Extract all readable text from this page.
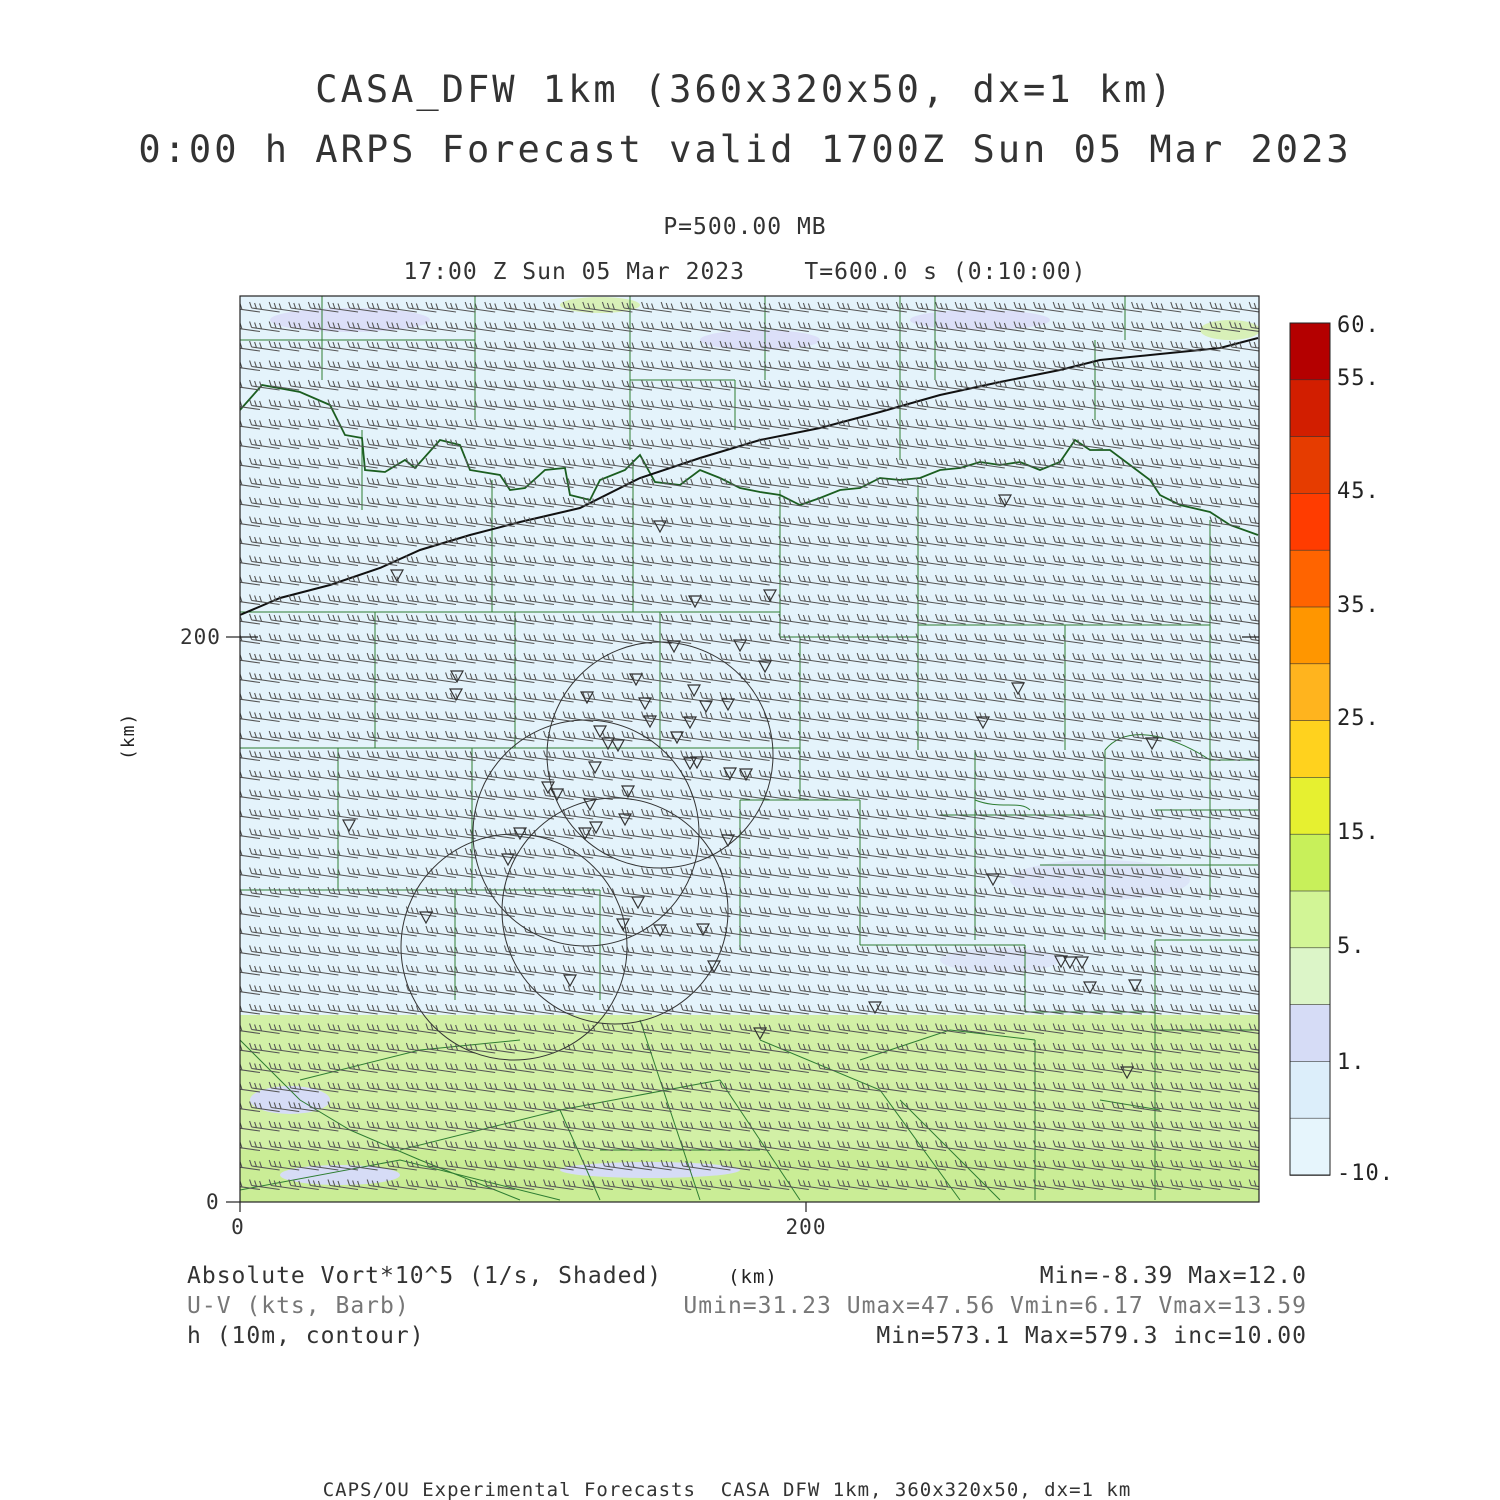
CASA_DFW 1km (360x320x50, dx=1 km)
0:00 h ARPS Forecast valid 1700Z Sun 05 Mar 2023
P=500.00 MB
17:00 Z Sun 05 Mar 2023    T=600.0 s (0:10:00)
0
200
0	200
(km)
(km)
60.
55.
45.
35.
25.
15.
5.
1.
-10.
Absolute Vort*10^5 (1/s, Shaded)	Min=-8.39 Max=12.0
U-V (kts, Barb)	Umin=31.23 Umax=47.56 Vmin=6.17 Vmax=13.59
h (10m, contour)	Min=573.1 Max=579.3 inc=10.00
CAPS/OU Experimental Forecasts  CASA DFW 1km, 360x320x50, dx=1 km
